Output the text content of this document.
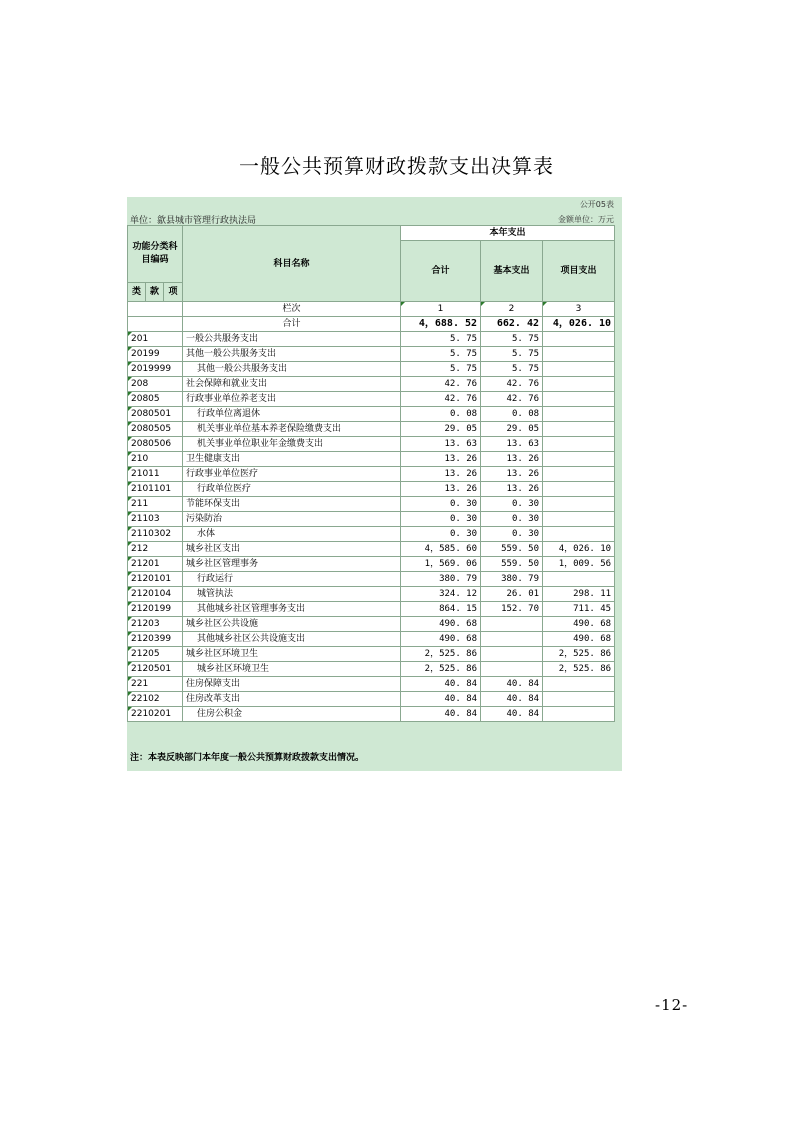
一般公共预算财政拨款支出决算表
公开05表
单位：歙县城市管理行政执法局	金额单位：万元
功能分类科目编码			科目名称	本年支出		
				合计	基本支出	项目支出
类	款	项				
			栏次	1	2	3
			合计	4，688. 52	662. 42	4，026. 10
201			一般公共服务支出	5. 75	5. 75	
20199			其他一般公共服务支出	5. 75	5. 75	
2019999			其他一般公共服务支出	5. 75	5. 75	
208			社会保障和就业支出	42. 76	42. 76	
20805			行政事业单位养老支出	42. 76	42. 76	
2080501			行政单位离退休	0. 08	0. 08	
2080505			机关事业单位基本养老保险缴费支出	29. 05	29. 05	
2080506			机关事业单位职业年金缴费支出	13. 63	13. 63	
210			卫生健康支出	13. 26	13. 26	
21011			行政事业单位医疗	13. 26	13. 26	
2101101			行政单位医疗	13. 26	13. 26	
211			节能环保支出	0. 30	0. 30	
21103			污染防治	0. 30	0. 30	
2110302			水体	0. 30	0. 30	
212			城乡社区支出	4，585. 60	559. 50	4，026. 10
21201			城乡社区管理事务	1，569. 06	559. 50	1，009. 56
2120101			行政运行	380. 79	380. 79	
2120104			城管执法	324. 12	26. 01	298. 11
2120199			其他城乡社区管理事务支出	864. 15	152. 70	711. 45
21203			城乡社区公共设施	490. 68		490. 68
2120399			其他城乡社区公共设施支出	490. 68		490. 68
21205			城乡社区环境卫生	2，525. 86		2，525. 86
2120501			城乡社区环境卫生	2，525. 86		2，525. 86
221			住房保障支出	40. 84	40. 84	
22102			住房改革支出	40. 84	40. 84	
2210201			住房公积金	40. 84	40. 84	
注：本表反映部门本年度一般公共预算财政拨款支出情况。
-12-
